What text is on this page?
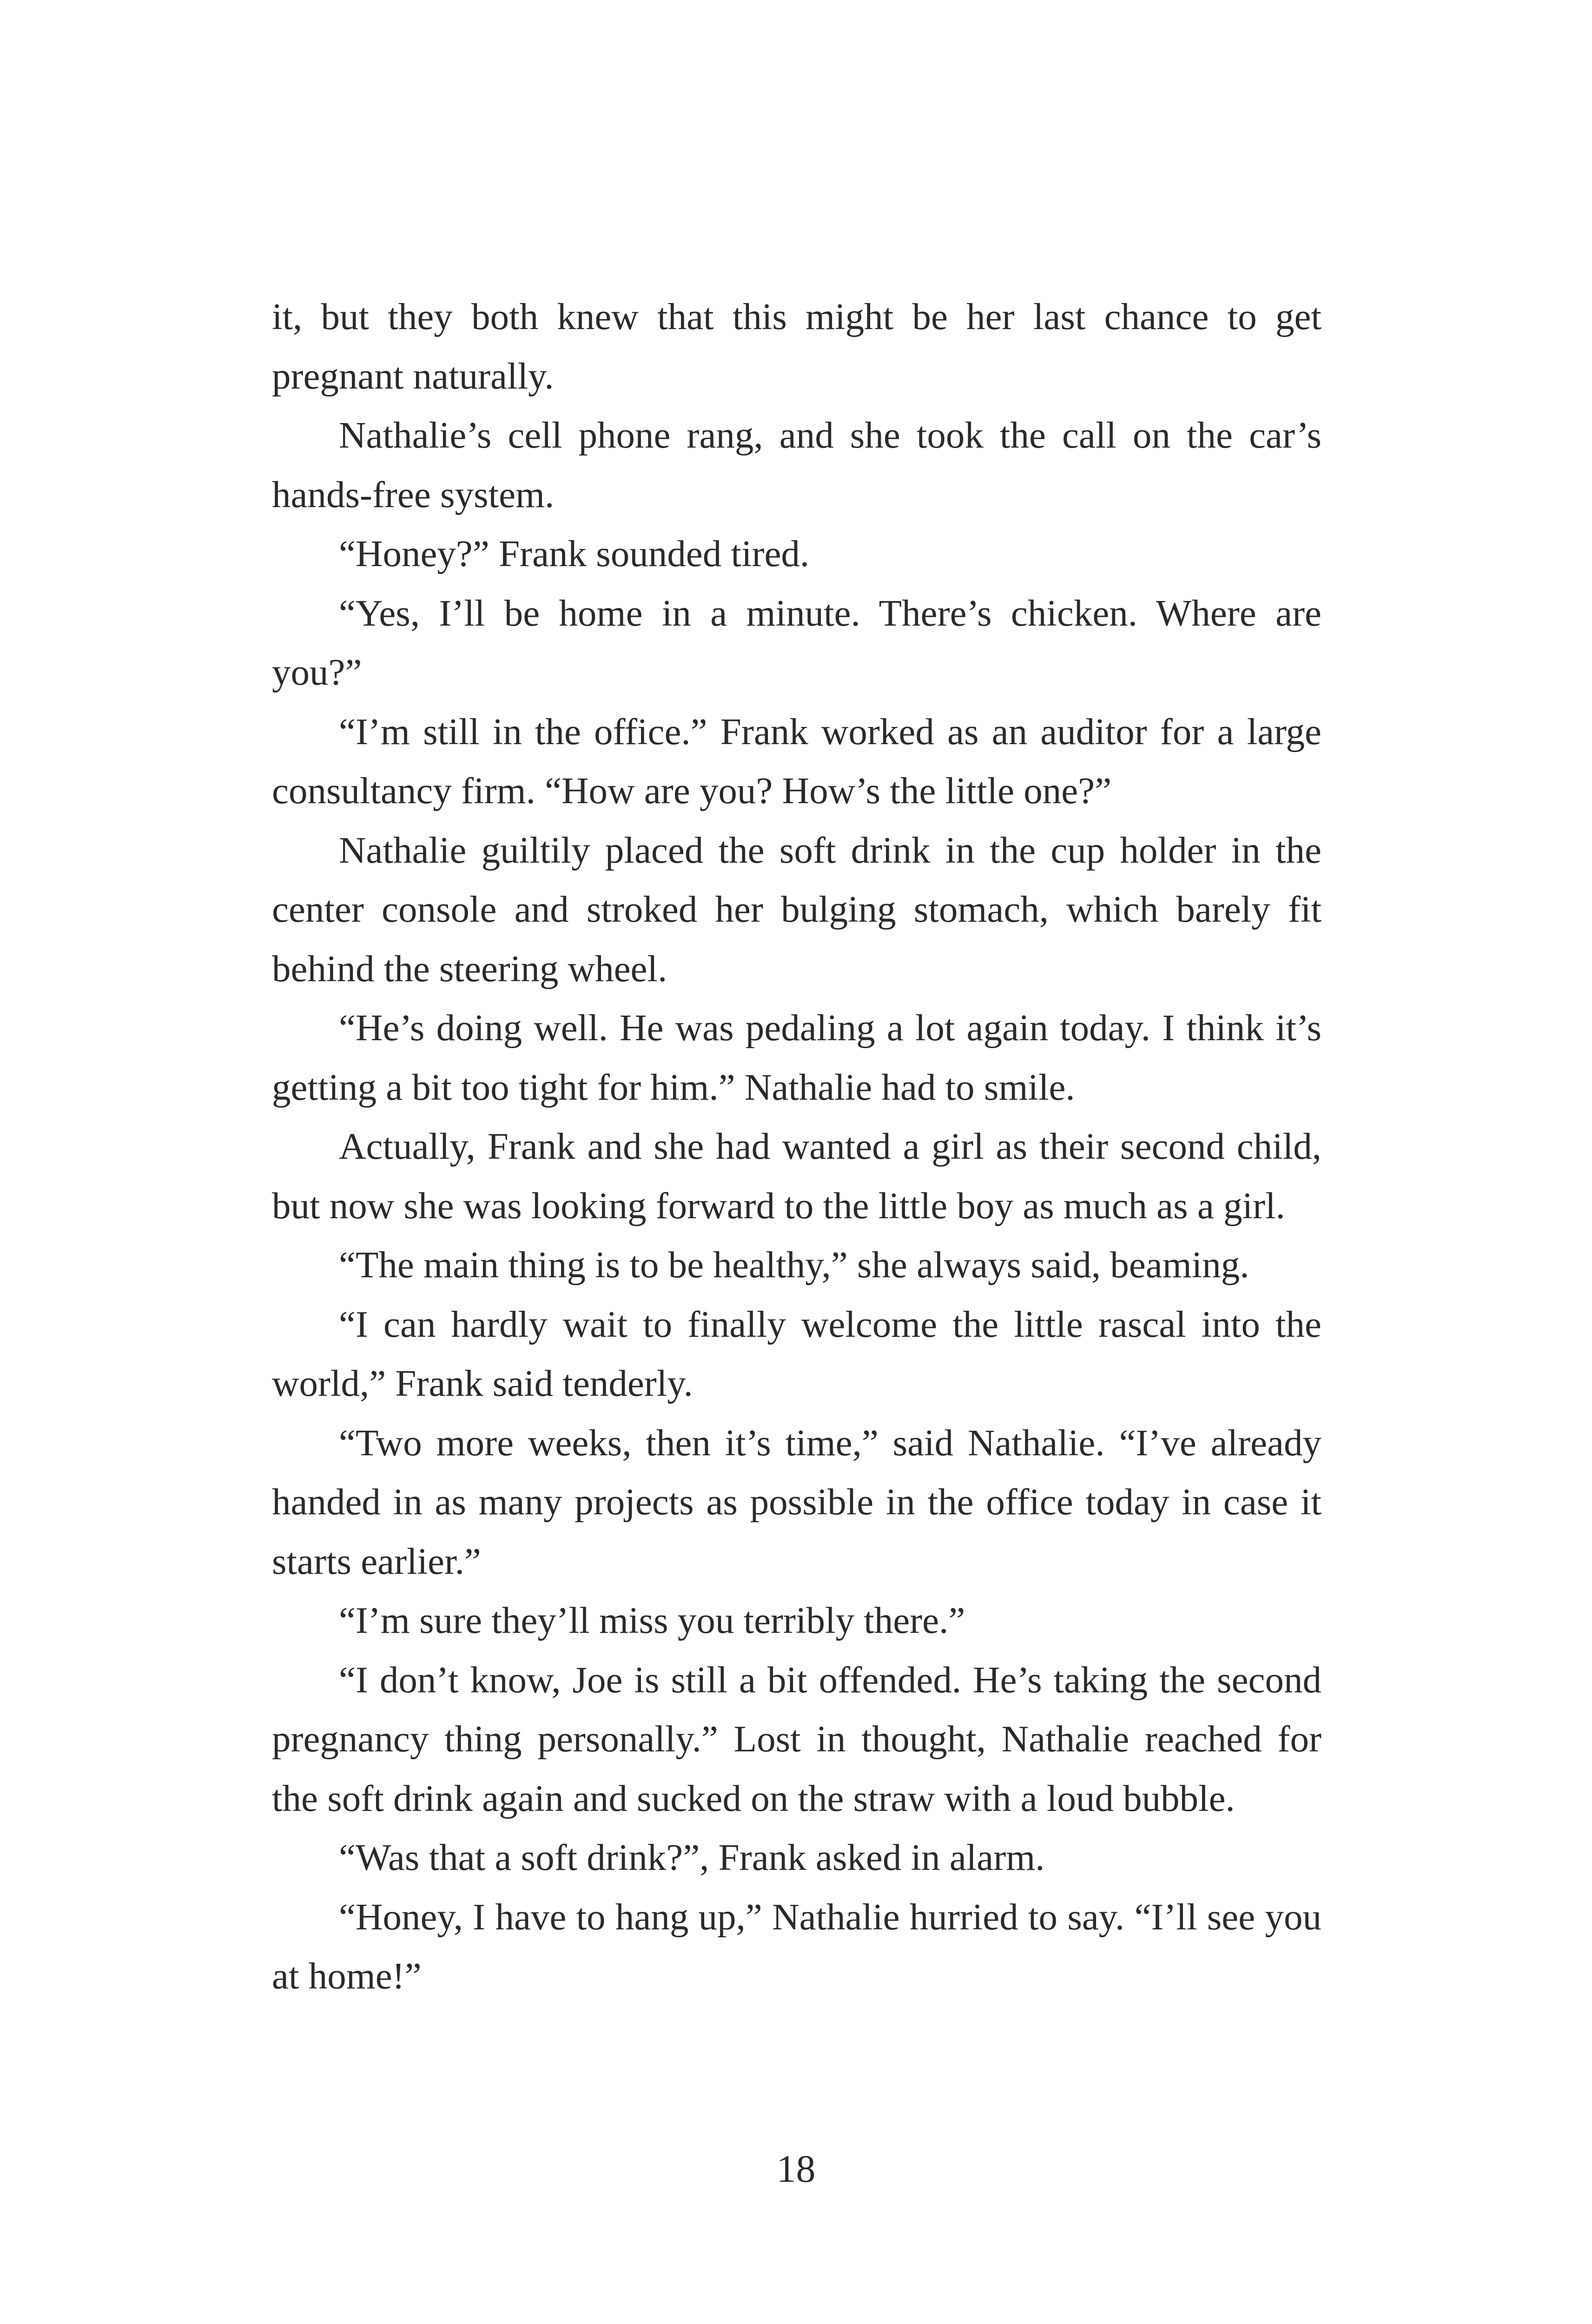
it, but they both knew that this might be her last chance to get pregnant naturally.

Nathalie’s cell phone rang, and she took the call on the car’s hands-free system.

“Honey?” Frank sounded tired.

“Yes, I’ll be home in a minute. There’s chicken. Where are you?”

“I’m still in the office.” Frank worked as an auditor for a large consultancy firm. “How are you? How’s the little one?”

Nathalie guiltily placed the soft drink in the cup holder in the center console and stroked her bulging stomach, which barely fit behind the steering wheel.

“He’s doing well. He was pedaling a lot again today. I think it’s getting a bit too tight for him.” Nathalie had to smile.

Actually, Frank and she had wanted a girl as their second child, but now she was looking forward to the little boy as much as a girl.

“The main thing is to be healthy,” she always said, beaming.

“I can hardly wait to finally welcome the little rascal into the world,” Frank said tenderly.

“Two more weeks, then it’s time,” said Nathalie. “I’ve already handed in as many projects as possible in the office today in case it starts earlier.”

“I’m sure they’ll miss you terribly there.”

“I don’t know, Joe is still a bit offended. He’s taking the second pregnancy thing personally.” Lost in thought, Nathalie reached for the soft drink again and sucked on the straw with a loud bubble.

“Was that a soft drink?”, Frank asked in alarm.

“Honey, I have to hang up,” Nathalie hurried to say. “I’ll see you at home!”

18
